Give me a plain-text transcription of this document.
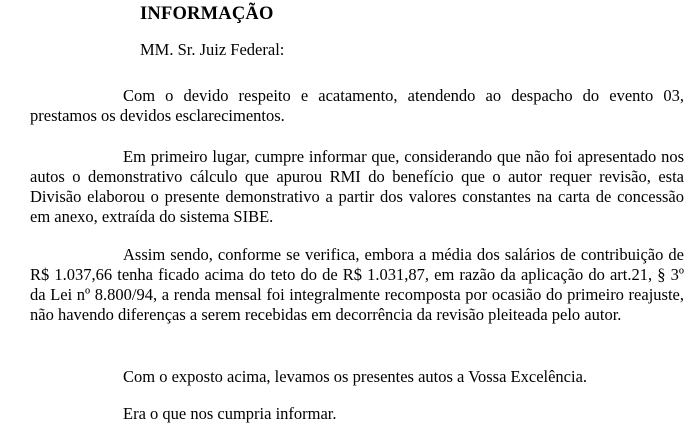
INFORMAÇÃO

MM. Sr. Juiz Federal:

Com o devido respeito e acatamento, atendendo ao despacho do evento 03, prestamos os devidos esclarecimentos.

Em primeiro lugar, cumpre informar que, considerando que não foi apresentado nos autos o demonstrativo cálculo que apurou RMI do benefício que o autor requer revisão, esta Divisão elaborou o presente demonstrativo a partir dos valores constantes na carta de concessão em anexo, extraída do sistema SIBE.

Assim sendo, conforme se verifica, embora a média dos salários de contribuição de R$ 1.037,66 tenha ficado acima do teto do de R$ 1.031,87, em razão da aplicação do art.21, § 3º da Lei nº 8.800/94, a renda mensal foi integralmente recomposta por ocasião do primeiro reajuste, não havendo diferenças a serem recebidas em decorrência da revisão pleiteada pelo autor.

Com o exposto acima, levamos os presentes autos a Vossa Excelência.

Era o que nos cumpria informar.
